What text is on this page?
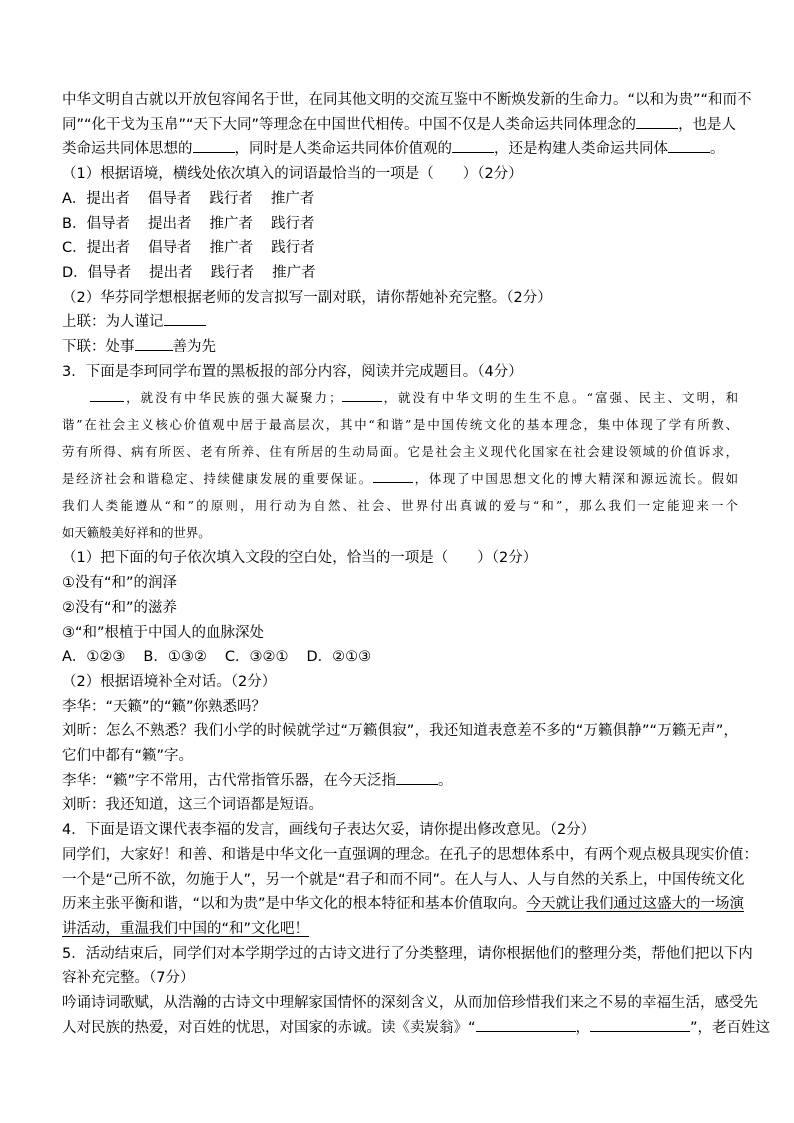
中华文明自古就以开放包容闻名于世，在同其他文明的交流互鉴中不断焕发新的生命力。“以和为贵”“和而不
同”“化干戈为玉帛”“天下大同”等理念在中国世代相传。中国不仅是人类命运共同体理念的	，也是人
类命运共同体思想的	，同时是人类命运共同体价值观的	，还是构建人类命运共同体	。
（1）根据语境，横线处依次填入的词语最恰当的一项是（　　）（2分）
A．提出者 倡导者 践行者 推广者
B．倡导者 提出者 推广者 践行者
C．提出者 倡导者 推广者 践行者
D．倡导者 提出者 践行者 推广者
（2）华芬同学想根据老师的发言拟写一副对联，请你帮她补充完整。（2分）
上联：为人谨记
下联：处事	善为先
3．下面是李珂同学布置的黑板报的部分内容，阅读并完成题目。（4分）
，就没有中华民族的强大凝聚力；	，就没有中华文明的生生不息。“富强、民主、文明，和
谐”在社会主义核心价值观中居于最高层次，其中“和谐”是中国传统文化的基本理念，集中体现了学有所教、
劳有所得、病有所医、老有所养、住有所居的生动局面。它是社会主义现代化国家在社会建设领域的价值诉求，
是经济社会和谐稳定、持续健康发展的重要保证。	，体现了中国思想文化的博大精深和源远流长。假如
我们人类能遵从“和”的原则，用行动为自然、社会、世界付出真诚的爱与“和”，那么我们一定能迎来一个
如天籁般美好祥和的世界。
（1）把下面的句子依次填入文段的空白处，恰当的一项是（　　）（2分）
①没有“和”的润泽
②没有“和”的滋养
③“和”根植于中国人的血脉深处
A．①②③ B．①③② C．③②① D．②①③
（2）根据语境补全对话。（2分）
李华：“天籁”的“籁”你熟悉吗？
刘昕：怎么不熟悉？我们小学的时候就学过“万籁俱寂”，我还知道表意差不多的“万籁俱静”“万籁无声”，
它们中都有“籁”字。
李华：“籁”字不常用，古代常指管乐器，在今天泛指	。
刘昕：我还知道，这三个词语都是短语。
4．下面是语文课代表李福的发言，画线句子表达欠妥，请你提出修改意见。（2分）
同学们，大家好！和善、和谐是中华文化一直强调的理念。在孔子的思想体系中，有两个观点极具现实价值：
一个是“己所不欲，勿施于人”，另一个就是“君子和而不同”。在人与人、人与自然的关系上，中国传统文化
历来主张平衡和谐，“以和为贵”是中华文化的根本特征和基本价值取向。今天就让我们通过这盛大的一场演
讲活动，重温我们中国的“和”文化吧！
5．活动结束后，同学们对本学期学过的古诗文进行了分类整理，请你根据他们的整理分类，帮他们把以下内
容补充完整。（7分）
吟诵诗词歌赋，从浩瀚的古诗文中理解家国情怀的深刻含义，从而加倍珍惜我们来之不易的幸福生活，感受先
人对民族的热爱，对百姓的忧思，对国家的赤诚。读《卖炭翁》“	，	”，老百姓这
